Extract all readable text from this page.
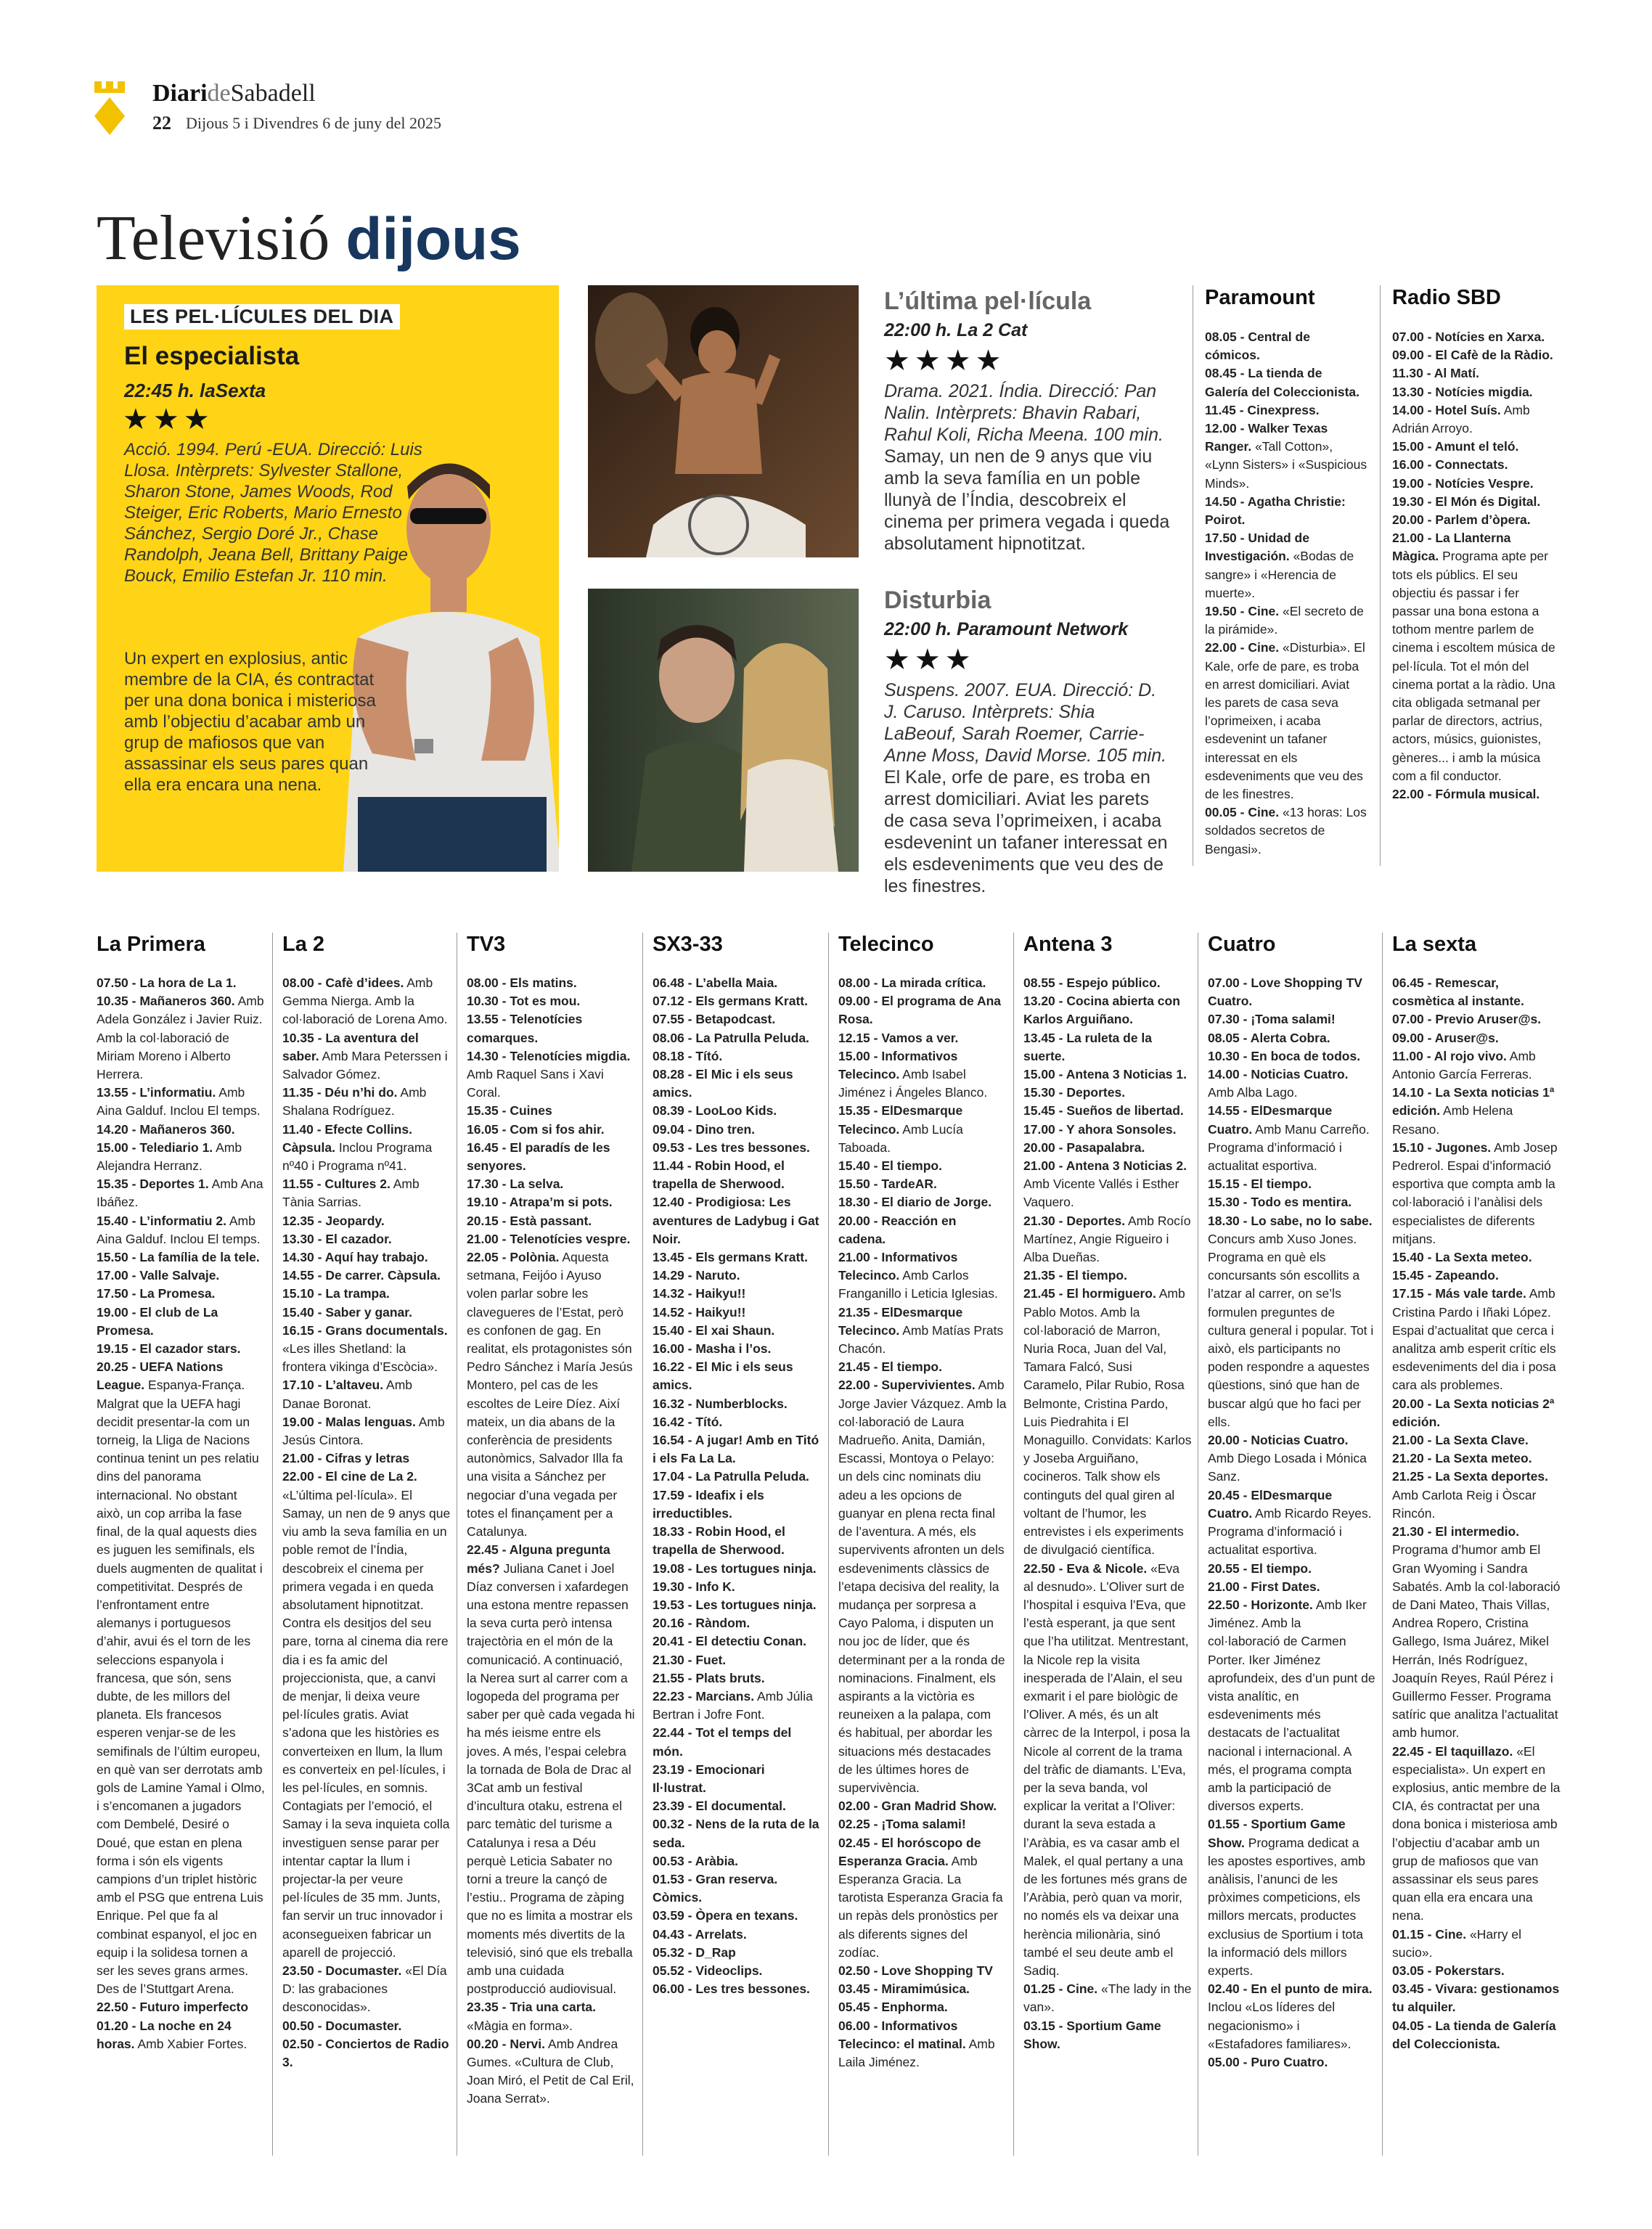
DiarideSabadell
22 Dijous 5 i Divendres 6 de juny del 2025
Televisió dijous
LES PEL·LÍCULES DEL DIA
El especialista
22:45 h. laSexta
★★★
Acció. 1994. Perú -EUA. Direcció: Luis Llosa. Intèrprets: Sylvester Stallone, Sharon Stone, James Woods, Rod Steiger, Eric Roberts, Mario Ernesto Sánchez, Sergio Doré Jr., Chase Randolph, Jeana Bell, Brittany Paige Bouck, Emilio Estefan Jr. 110 min.
Un expert en explosius, antic membre de la CIA, és contractat per una dona bonica i misteriosa amb l’objectiu d’acabar amb un grup de mafiosos que van assassinar els seus pares quan ella era encara una nena.
L’última pel·lícula
22:00 h. La 2 Cat
★★★★
Drama. 2021. Índia. Direcció: Pan Nalin. Intèrprets: Bhavin Rabari, Rahul Koli, Richa Meena. 100 min. Samay, un nen de 9 anys que viu amb la seva família en un poble llunyà de l’Índia, descobreix el cinema per primera vegada i queda absolutament hipnotitzat.
Disturbia
22:00 h. Paramount Network
★★★
Suspens. 2007. EUA. Direcció: D. J. Caruso. Intèrprets: Shia LaBeouf, Sarah Roemer, Carrie-Anne Moss, David Morse. 105 min. El Kale, orfe de pare, es troba en arrest domiciliari. Aviat les parets de casa seva l’oprimeixen, i acaba esdevenint un tafaner interessat en els esdeveniments que veu des de les finestres.
Paramount

08.05 - Central de cómicos.

08.45 - La tienda de Galería del Coleccionista.

11.45 - Cinexpress.

12.00 - Walker Texas Ranger. «Tall Cotton», «Lynn Sisters» i «Suspicious Minds».

14.50 - Agatha Christie: Poirot.

17.50 - Unidad de Investigación. «Bodas de sangre» i «Herencia de muerte».

19.50 - Cine. «El secreto de la pirámide».

22.00 - Cine. «Disturbia». El Kale, orfe de pare, es troba en arrest domiciliari. Aviat les parets de casa seva l’oprimeixen, i acaba esdevenint un tafaner interessat en els esdeveniments que veu des de les finestres.

00.05 - Cine. «13 horas: Los soldados secretos de Bengasi».

Radio SBD

07.00 - Notícies en Xarxa.

09.00 - El Cafè de la Ràdio.

11.30 - Al Matí.

13.30 - Notícies migdia.

14.00 - Hotel Suís. Amb Adrián Arroyo.

15.00 - Amunt el teló.

16.00 - Connectats.

19.00 - Notícies Vespre.

19.30 - El Món és Digital.

20.00 - Parlem d’òpera.

21.00 - La Llanterna Màgica. Programa apte per tots els públics. El seu objectiu és passar i fer passar una bona estona a tothom mentre parlem de cinema i escoltem música de pel·lícula. Tot el món del cinema portat a la ràdio. Una cita obligada setmanal per parlar de directors, actrius, actors, músics, guionistes, gèneres... i amb la música com a fil conductor.

22.00 - Fórmula musical.

La Primera

07.50 - La hora de La 1.

10.35 - Mañaneros 360. Amb Adela González i Javier Ruiz. Amb la col·laboració de Miriam Moreno i Alberto Herrera.

13.55 - L’informatiu. Amb Aina Galduf. Inclou El temps.

14.20 - Mañaneros 360.

15.00 - Telediario 1. Amb Alejandra Herranz.

15.35 - Deportes 1. Amb Ana Ibáñez.

15.40 - L’informatiu 2. Amb Aina Galduf. Inclou El temps.

15.50 - La família de la tele.

17.00 - Valle Salvaje.

17.50 - La Promesa.

19.00 - El club de La Promesa.

19.15 - El cazador stars.

20.25 - UEFA Nations League. Espanya-França. Malgrat que la UEFA hagi decidit presentar-la com un torneig, la Lliga de Nacions continua tenint un pes relatiu dins del panorama internacional. No obstant això, un cop arriba la fase final, de la qual aquests dies es juguen les semifinals, els duels augmenten de qualitat i competitivitat. Després de l’enfrontament entre alemanys i portuguesos d’ahir, avui és el torn de les seleccions espanyola i francesa, que són, sens dubte, de les millors del planeta. Els francesos esperen venjar-se de les semifinals de l’últim europeu, en què van ser derrotats amb gols de Lamine Yamal i Olmo, i s’encomanen a jugadors com Dembelé, Desiré o Doué, que estan en plena forma i són els vigents campions d’un triplet històric amb el PSG que entrena Luis Enrique. Pel que fa al combinat espanyol, el joc en equip i la solidesa tornen a ser les seves grans armes. Des de l’Stuttgart Arena.

22.50 - Futuro imperfecto

01.20 - La noche en 24 horas. Amb Xabier Fortes.

La 2

08.00 - Cafè d’idees. Amb Gemma Nierga. Amb la col·laboració de Lorena Amo.

10.35 - La aventura del saber. Amb Mara Peterssen i Salvador Gómez.

11.35 - Déu n’hi do. Amb Shalana Rodríguez.

11.40 - Efecte Collins. Càpsula. Inclou Programa nº40 i Programa nº41.

11.55 - Cultures 2. Amb Tània Sarrias.

12.35 - Jeopardy.

13.30 - El cazador.

14.30 - Aquí hay trabajo.

14.55 - De carrer. Càpsula.

15.10 - La trampa.

15.40 - Saber y ganar.

16.15 - Grans documentals. «Les illes Shetland: la frontera vikinga d’Escòcia».

17.10 - L’altaveu. Amb Danae Boronat.

19.00 - Malas lenguas. Amb Jesús Cintora.

21.00 - Cifras y letras

22.00 - El cine de La 2. «L’última pel·lícula». El Samay, un nen de 9 anys que viu amb la seva família en un poble remot de l’Índia, descobreix el cinema per primera vegada i en queda absolutament hipnotitzat. Contra els desitjos del seu pare, torna al cinema dia rere dia i es fa amic del projeccionista, que, a canvi de menjar, li deixa veure pel·lícules gratis. Aviat s’adona que les històries es converteixen en llum, la llum es converteix en pel·lícules, i les pel·lícules, en somnis. Contagiats per l’emoció, el Samay i la seva inquieta colla investiguen sense parar per intentar captar la llum i projectar-la per veure pel·lícules de 35 mm. Junts, fan servir un truc innovador i aconsegueixen fabricar un aparell de projecció.

23.50 - Documaster. «El Día D: las grabaciones desconocidas».

00.50 - Documaster.

02.50 - Conciertos de Radio 3.

TV3

08.00 - Els matins.

10.30 - Tot es mou.

13.55 - Telenotícies comarques.

14.30 - Telenotícies migdia. Amb Raquel Sans i Xavi Coral.

15.35 - Cuines

16.05 - Com si fos ahir.

16.45 - El paradís de les senyores.

17.30 - La selva.

19.10 - Atrapa’m si pots.

20.15 - Està passant.

21.00 - Telenotícies vespre.

22.05 - Polònia. Aquesta setmana, Feijóo i Ayuso volen parlar sobre les clavegueres de l’Estat, però es confonen de gag. En realitat, els protagonistes són Pedro Sánchez i María Jesús Montero, pel cas de les escoltes de Leire Díez. Així mateix, un dia abans de la conferència de presidents autonòmics, Salvador Illa fa una visita a Sánchez per negociar d’una vegada per totes el finançament per a Catalunya.

22.45 - Alguna pregunta més? Juliana Canet i Joel Díaz conversen i xafardegen una estona mentre repassen la seva curta però intensa trajectòria en el món de la comunicació. A continuació, la Nerea surt al carrer com a logopeda del programa per saber per què cada vegada hi ha més ieisme entre els joves. A més, l’espai celebra la tornada de Bola de Drac al 3Cat amb un festival d’incultura otaku, estrena el parc temàtic del turisme a Catalunya i resa a Déu perquè Leticia Sabater no torni a treure la cançó de l’estiu.. Programa de zàping que no es limita a mostrar els moments més divertits de la televisió, sinó que els treballa amb una cuidada postproducció audiovisual.

23.35 - Tria una carta. «Màgia en forma».

00.20 - Nervi. Amb Andrea Gumes. «Cultura de Club, Joan Miró, el Petit de Cal Eril, Joana Serrat».

SX3-33

06.48 - L’abella Maia.

07.12 - Els germans Kratt.

07.55 - Betapodcast.

08.06 - La Patrulla Peluda.

08.18 - Tító.

08.28 - El Mic i els seus amics.

08.39 - LooLoo Kids.

09.04 - Dino tren.

09.53 - Les tres bessones.

11.44 - Robin Hood, el trapella de Sherwood.

12.40 - Prodigiosa: Les aventures de Ladybug i Gat Noir.

13.45 - Els germans Kratt.

14.29 - Naruto.

14.32 - Haikyu!!

14.52 - Haikyu!!

15.40 - El xai Shaun.

16.00 - Masha i l’os.

16.22 - El Mic i els seus amics.

16.32 - Numberblocks.

16.42 - Tító.

16.54 - A jugar! Amb en Titó i els Fa La La.

17.04 - La Patrulla Peluda.

17.59 - Ideafix i els irreductibles.

18.33 - Robin Hood, el trapella de Sherwood.

19.08 - Les tortugues ninja.

19.30 - Info K.

19.53 - Les tortugues ninja.

20.16 - Ràndom.

20.41 - El detectiu Conan.

21.30 - Fuet.

21.55 - Plats bruts.

22.23 - Marcians. Amb Júlia Bertran i Jofre Font.

22.44 - Tot el temps del món.

23.19 - Emocionari Il·lustrat.

23.39 - El documental.

00.32 - Nens de la ruta de la seda.

00.53 - Aràbia.

01.53 - Gran reserva. Còmics.

03.59 - Òpera en texans.

04.43 - Arrelats.

05.32 - D_Rap

05.52 - Videoclips.

06.00 - Les tres bessones.

Telecinco

08.00 - La mirada crítica.

09.00 - El programa de Ana Rosa.

12.15 - Vamos a ver.

15.00 - Informativos Telecinco. Amb Isabel Jiménez i Ángeles Blanco.

15.35 - ElDesmarque Telecinco. Amb Lucía Taboada.

15.40 - El tiempo.

15.50 - TardeAR.

18.30 - El diario de Jorge.

20.00 - Reacción en cadena.

21.00 - Informativos Telecinco. Amb Carlos Franganillo i Leticia Iglesias.

21.35 - ElDesmarque Telecinco. Amb Matías Prats Chacón.

21.45 - El tiempo.

22.00 - Supervivientes. Amb Jorge Javier Vázquez. Amb la col·laboració de Laura Madrueño. Anita, Damián, Escassi, Montoya o Pelayo: un dels cinc nominats diu adeu a les opcions de guanyar en plena recta final de l’aventura. A més, els supervivents afronten un dels esdeveniments clàssics de l’etapa decisiva del reality, la mudança per sorpresa a Cayo Paloma, i disputen un nou joc de líder, que és determinant per a la ronda de nominacions. Finalment, els aspirants a la victòria es reuneixen a la palapa, com és habitual, per abordar les situacions més destacades de les últimes hores de supervivència.

02.00 - Gran Madrid Show.

02.25 - ¡Toma salami!

02.45 - El horóscopo de Esperanza Gracia. Amb Esperanza Gracia. La tarotista Esperanza Gracia fa un repàs dels pronòstics per als diferents signes del zodíac.

02.50 - Love Shopping TV

03.45 - Miramimúsica.

05.45 - Enphorma.

06.00 - Informativos Telecinco: el matinal. Amb Laila Jiménez.

Antena 3

08.55 - Espejo público.

13.20 - Cocina abierta con Karlos Arguiñano.

13.45 - La ruleta de la suerte.

15.00 - Antena 3 Noticias 1.

15.30 - Deportes.

15.45 - Sueños de libertad.

17.00 - Y ahora Sonsoles.

20.00 - Pasapalabra.

21.00 - Antena 3 Noticias 2. Amb Vicente Vallés i Esther Vaquero.

21.30 - Deportes. Amb Rocío Martínez, Angie Rigueiro i Alba Dueñas.

21.35 - El tiempo.

21.45 - El hormiguero. Amb Pablo Motos. Amb la col·laboració de Marron, Nuria Roca, Juan del Val, Tamara Falcó, Susi Caramelo, Pilar Rubio, Rosa Belmonte, Cristina Pardo, Luis Piedrahita i El Monaguillo. Convidats: Karlos y Joseba Arguiñano, cocineros. Talk show els continguts del qual giren al voltant de l’humor, les entrevistes i els experiments de divulgació científica.

22.50 - Eva & Nicole. «Eva al desnudo». L’Oliver surt de l’hospital i esquiva l’Eva, que l’està esperant, ja que sent que l’ha utilitzat. Mentrestant, la Nicole rep la visita inesperada de l’Alain, el seu exmarit i el pare biològic de l’Oliver. A més, és un alt càrrec de la Interpol, i posa la Nicole al corrent de la trama del tràfic de diamants. L’Eva, per la seva banda, vol explicar la veritat a l’Oliver: durant la seva estada a l’Aràbia, es va casar amb el Malek, el qual pertany a una de les fortunes més grans de l’Aràbia, però quan va morir, no només els va deixar una herència milionària, sinó també el seu deute amb el Sadiq.

01.25 - Cine. «The lady in the van».

03.15 - Sportium Game Show.

Cuatro

07.00 - Love Shopping TV Cuatro.

07.30 - ¡Toma salami!

08.05 - Alerta Cobra.

10.30 - En boca de todos.

14.00 - Noticias Cuatro. Amb Alba Lago.

14.55 - ElDesmarque Cuatro. Amb Manu Carreño. Programa d’informació i actualitat esportiva.

15.15 - El tiempo.

15.30 - Todo es mentira.

18.30 - Lo sabe, no lo sabe. Concurs amb Xuso Jones. Programa en què els concursants són escollits a l’atzar al carrer, on se’ls formulen preguntes de cultura general i popular. Tot i això, els participants no poden respondre a aquestes qüestions, sinó que han de buscar algú que ho faci per ells.

20.00 - Noticias Cuatro. Amb Diego Losada i Mónica Sanz.

20.45 - ElDesmarque Cuatro. Amb Ricardo Reyes. Programa d’informació i actualitat esportiva.

20.55 - El tiempo.

21.00 - First Dates.

22.50 - Horizonte. Amb Iker Jiménez. Amb la col·laboració de Carmen Porter. Iker Jiménez aprofundeix, des d’un punt de vista analític, en esdeveniments més destacats de l’actualitat nacional i internacional. A més, el programa compta amb la participació de diversos experts.

01.55 - Sportium Game Show. Programa dedicat a les apostes esportives, amb anàlisis, l’anunci de les pròximes competicions, els millors mercats, productes exclusius de Sportium i tota la informació dels millors experts.

02.40 - En el punto de mira. Inclou «Los líderes del negacionismo» i «Estafadores familiares».

05.00 - Puro Cuatro.

La sexta

06.45 - Remescar, cosmètica al instante.

07.00 - Previo Aruser@s.

09.00 - Aruser@s.

11.00 - Al rojo vivo. Amb Antonio García Ferreras.

14.10 - La Sexta noticias 1ª edición. Amb Helena Resano.

15.10 - Jugones. Amb Josep Pedrerol. Espai d’informació esportiva que compta amb la col·laboració i l’anàlisi dels especialistes de diferents mitjans.

15.40 - La Sexta meteo.

15.45 - Zapeando.

17.15 - Más vale tarde. Amb Cristina Pardo i Iñaki López. Espai d’actualitat que cerca i analitza amb esperit crític els esdeveniments del dia i posa cara als problemes.

20.00 - La Sexta noticias 2ª edición.

21.00 - La Sexta Clave.

21.20 - La Sexta meteo.

21.25 - La Sexta deportes. Amb Carlota Reig i Òscar Rincón.

21.30 - El intermedio. Programa d’humor amb El Gran Wyoming i Sandra Sabatés. Amb la col·laboració de Dani Mateo, Thais Villas, Andrea Ropero, Cristina Gallego, Isma Juárez, Mikel Herrán, Inés Rodríguez, Joaquín Reyes, Raúl Pérez i Guillermo Fesser. Programa satíric que analitza l’actualitat amb humor.

22.45 - El taquillazo. «El especialista». Un expert en explosius, antic membre de la CIA, és contractat per una dona bonica i misteriosa amb l’objectiu d’acabar amb un grup de mafiosos que van assassinar els seus pares quan ella era encara una nena.

01.15 - Cine. «Harry el sucio».

03.05 - Pokerstars.

03.45 - Vivara: gestionamos tu alquiler.

04.05 - La tienda de Galería del Coleccionista.
